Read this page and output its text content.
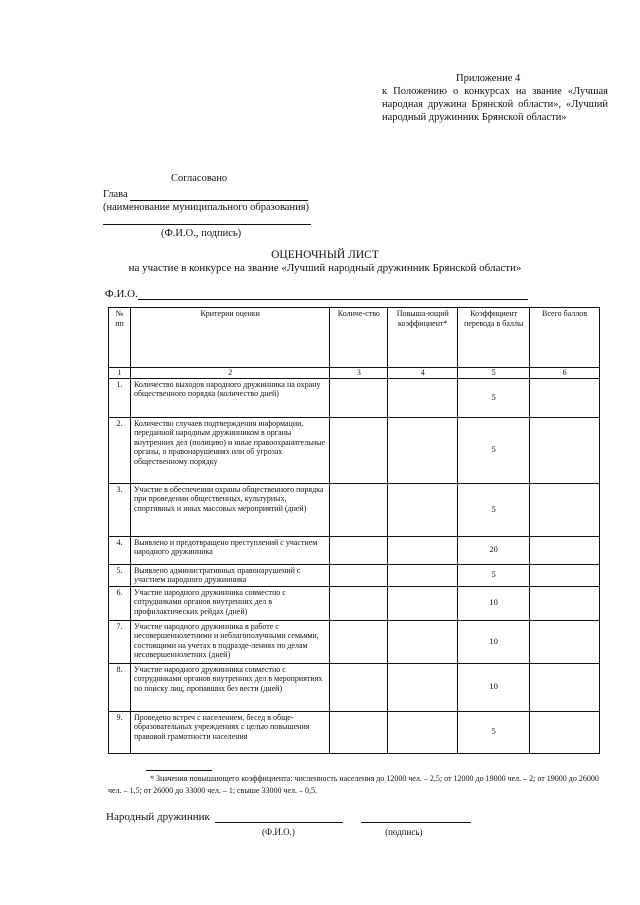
Приложение 4
к Положению о конкурсах на звание «Лучшая народная дружина Брянской области», «Лучший народный дружинник Брянской области»
Согласовано
Глава
(наименование муниципального образования)
(Ф.И.О., подпись)
ОЦЕНОЧНЫЙ ЛИСТ
на участие в конкурсе на звание «Лучший народный дружинник Брянской области»
Ф.И.О.
№ пп	Критерии оценки	Количе-ство	Повыша-ющий коэффициент*	Коэффициент перевода в баллы	Всего баллов
1	2	3	4	5	6
1.	Количество выходов народного дружинника на охрану общественного порядка (количество дней)			5	
2.	Количество случаев подтверждения информации, переданной народным дружинником в органы внутренних дел (полицию) и иные правоохранительные органы, о правонарушениях или об угрозах общественному порядку			5	
3.	Участие в обеспечении охраны общественного порядка при проведении общественных, культурных, спортивных и иных массовых мероприятий (дней)			5	
4.	Выявлено и предотвращено преступлений с участием народного дружинника			20	
5.	Выявлено административных правонарушений с участием народного дружинника			5	
6.	Участие народного дружинника совместно с сотрудниками органов внутренних дел в профилактических рейдах (дней)			10	
7.	Участие народного дружинника в работе с несовершеннолетними и неблагополучными семьями, состоящими на учетах в подразде-лениях по делам несовершеннолетних (дней)			10	
8.	Участие народного дружинника совместно с сотрудниками органов внутренних дел в мероприятиях по поиску лиц, пропавших без вести (дней)			10	
9.	Проведено встреч с населением, бесед в обще-образовательных учреждениях с целью повышения правовой грамотности населения			5	
* Значения повышающего коэффициента: численность населения до 12000 чел. – 2,5; от 12000 до 19000 чел. – 2; от 19000 до 26000 чел. – 1,5; от 26000 до 33000 чел. – 1; свыше 33000 чел. – 0,5.
Народный дружинник
(Ф.И.О.)	(подпись)
